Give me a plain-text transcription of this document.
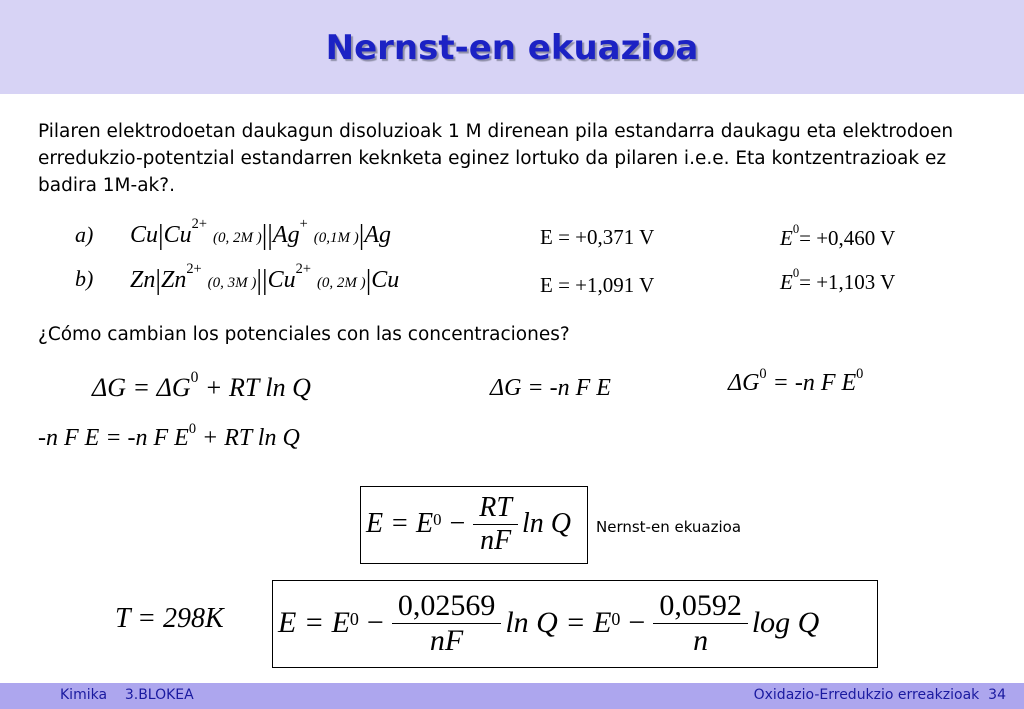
Nernst-en ekuazioa
Pilaren elektrodoetan daukagun disoluzioak 1 M direnean pila estandarra daukagu eta elektrodoen erredukzio-potentzial estandarren keknketa eginez lortuko da pilaren i.e.e. Eta kontzentrazioak ez badira 1M-ak?.
a) $Cu|Cu^{2+}$ (0, 2M )||Ag+ (0,1M )|Ag	E = +0,371 V	$E^0= +0,460$ V
b) $Zn|Zn^{2+}$ (0, 3M )$||Cu^{2+}$ (0, 2M )|Cu	E = +1,091 V	$E^0= +1,103$ V
¿Cómo cambian los potenciales con las concentraciones?
$\Delta G = \Delta G^0$ + RT ln Q	ΔG = -n F E	$\Delta G^0 = -n$ F $E^0$
-n F E = -n F $E^0$ + RT ln Q
$E = E^0 - \frac{RT}{nF}$ ln Q Nernst-en ekuazioa
T = 298K $E = E^0 - \frac{0,02569}{nF}$ $\ln Q = E^0 - \frac{0,0592}{n}$ log Q
Kimika    3.BLOKEA	Oxidazio-Erredukzio erreakzioak  34
